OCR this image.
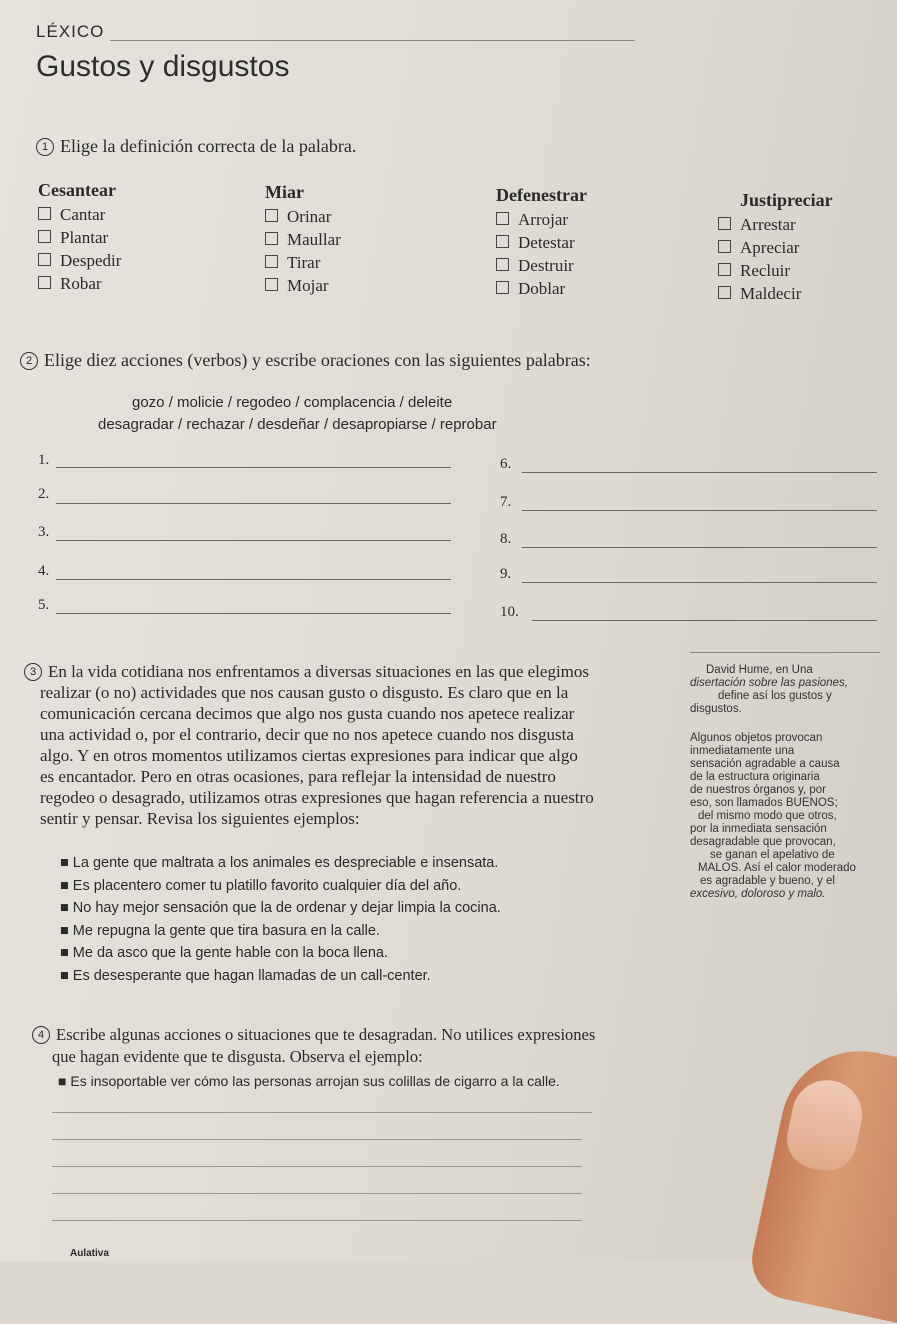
LÉXICO
Gustos y disgustos
1 Elige la definición correcta de la palabra.
Cesantear
Cantar
Plantar
Despedir
Robar
Miar
Orinar
Maullar
Tirar
Mojar
Defenestrar
Arrojar
Detestar
Destruir
Doblar
Justipreciar
Arrestar
Apreciar
Recluir
Maldecir
2 Elige diez acciones (verbos) y escribe oraciones con las siguientes palabras:
gozo / molicie / regodeo / complacencia / deleite
desagradar / rechazar / desdeñar / desapropiarse / reprobar
1.
2.
3.
4.
5.
6.
7.
8.
9.
10.
3 En la vida cotidiana nos enfrentamos a diversas situaciones en las que elegimos
realizar (o no) actividades que nos causan gusto o disgusto. Es claro que en la
comunicación cercana decimos que algo nos gusta cuando nos apetece realizar
una actividad o, por el contrario, decir que no nos apetece cuando nos disgusta
algo. Y en otros momentos utilizamos ciertas expresiones para indicar que algo
es encantador. Pero en otras ocasiones, para reflejar la intensidad de nuestro
regodeo o desagrado, utilizamos otras expresiones que hagan referencia a nuestro
sentir y pensar. Revisa los siguientes ejemplos:
■ La gente que maltrata a los animales es despreciable e insensata.
■ Es placentero comer tu platillo favorito cualquier día del año.
■ No hay mejor sensación que la de ordenar y dejar limpia la cocina.
■ Me repugna la gente que tira basura en la calle.
■ Me da asco que la gente hable con la boca llena.
■ Es desesperante que hagan llamadas de un call-center.
David Hume, en Una
disertación sobre las pasiones,
define así los gustos y
disgustos.
Algunos objetos provocan
inmediatamente una
sensación agradable a causa
de la estructura originaria
de nuestros órganos y, por
eso, son llamados BUENOS;
del mismo modo que otros,
por la inmediata sensación
desagradable que provocan,
se ganan el apelativo de
MALOS. Así el calor moderado
es agradable y bueno, y el
excesivo, doloroso y malo.
4 Escribe algunas acciones o situaciones que te desagradan. No utilices expresiones
que hagan evidente que te disgusta. Observa el ejemplo:
■ Es insoportable ver cómo las personas arrojan sus colillas de cigarro a la calle.
Aulativa
